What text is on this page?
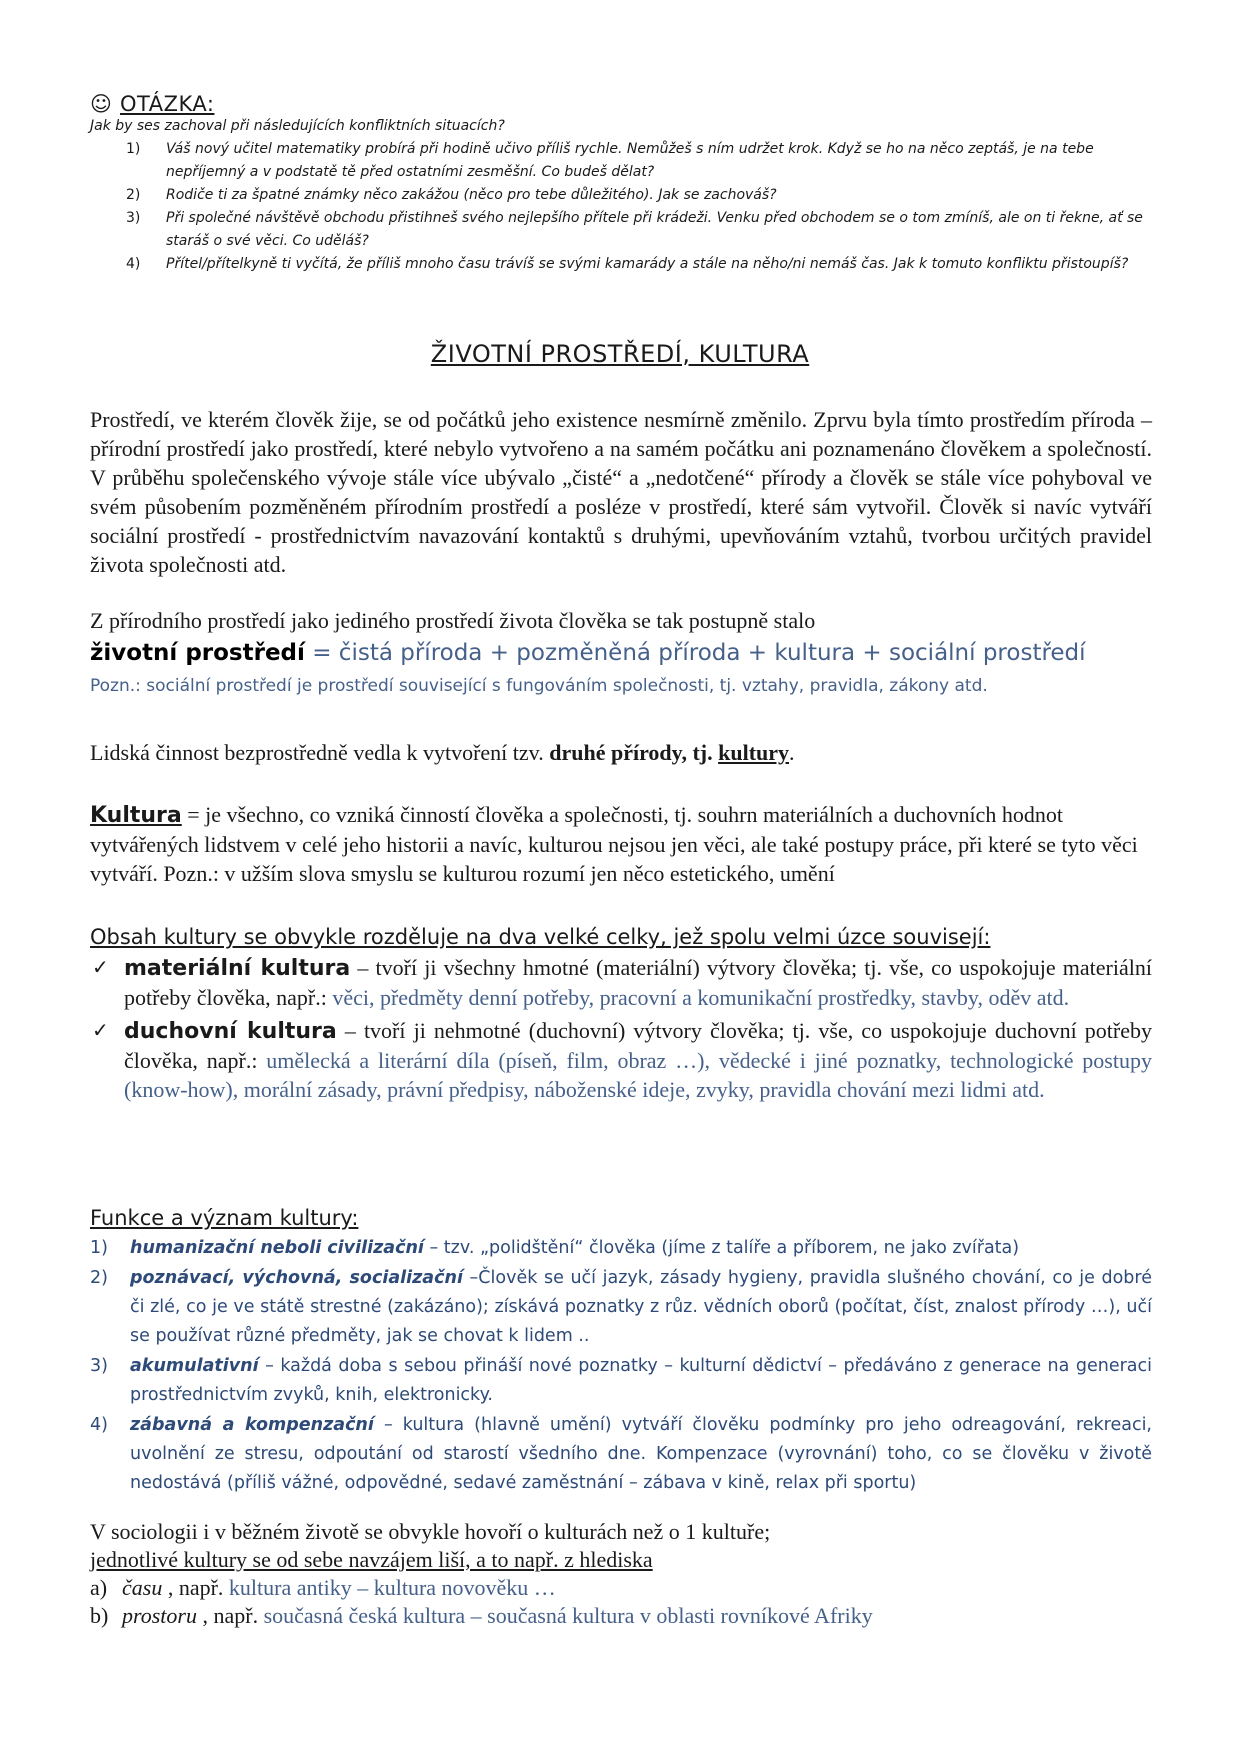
☺ OTÁZKA:
Jak by ses zachoval při následujících konfliktních situacích?
1) Váš nový učitel matematiky probírá při hodině učivo příliš rychle. Nemůžeš s ním udržet krok. Když se ho na něco zeptáš, je na tebe nepříjemný a v podstatě tě před ostatními zesměšní. Co budeš dělat?
2) Rodiče ti za špatné známky něco zakážou (něco pro tebe důležitého). Jak se zachováš?
3) Při společné návštěvě obchodu přistihneš svého nejlepšího přítele při krádeži. Venku před obchodem se o tom zmíníš, ale on ti řekne, ať se staráš o své věci. Co uděláš?
4) Přítel/přítelkyně ti vyčítá, že příliš mnoho času trávíš se svými kamarády a stále na něho/ni nemáš čas. Jak k tomuto konfliktu přistoupíš?
ŽIVOTNÍ PROSTŘEDÍ, KULTURA
Prostředí, ve kterém člověk žije, se od počátků jeho existence nesmírně změnilo. Zprvu byla tímto prostředím příroda – přírodní prostředí jako prostředí, které nebylo vytvořeno a na samém počátku ani poznamenáno člověkem a společností. V průběhu společenského vývoje stále více ubývalo „čisté“ a „nedotčené“ přírody a člověk se stále více pohyboval ve svém působením pozměněném přírodním prostředí a posléze v prostředí, které sám vytvořil. Člověk si navíc vytváří sociální prostředí - prostřednictvím navazování kontaktů s druhými, upevňováním vztahů, tvorbou určitých pravidel života společnosti atd.
Z přírodního prostředí jako jediného prostředí života člověka se tak postupně stalo
životní prostředí = čistá příroda + pozměněná příroda + kultura + sociální prostředí
Pozn.: sociální prostředí je prostředí související s fungováním společnosti, tj. vztahy, pravidla, zákony atd.
Lidská činnost bezprostředně vedla k vytvoření tzv. druhé přírody, tj. kultury.
Kultura = je všechno, co vzniká činností člověka a společnosti, tj. souhrn materiálních a duchovních hodnot vytvářených lidstvem v celé jeho historii a navíc, kulturou nejsou jen věci, ale také postupy práce, při které se tyto věci vytváří. Pozn.: v užším slova smyslu se kulturou rozumí jen něco estetického, umění
Obsah kultury se obvykle rozděluje na dva velké celky, jež spolu velmi úzce souvisejí:
✓ materiální kultura – tvoří ji všechny hmotné (materiální) výtvory člověka; tj. vše, co uspokojuje materiální potřeby člověka, např.: věci, předměty denní potřeby, pracovní a komunikační prostředky, stavby, oděv atd.
✓ duchovní kultura – tvoří ji nehmotné (duchovní) výtvory člověka; tj. vše, co uspokojuje duchovní potřeby člověka, např.: umělecká a literární díla (píseň, film, obraz …), vědecké i jiné poznatky, technologické postupy (know-how), morální zásady, právní předpisy, náboženské ideje, zvyky, pravidla chování mezi lidmi atd.
Funkce a význam kultury:
1) humanizační neboli civilizační – tzv. „polidštění“ člověka (jíme z talíře a příborem, ne jako zvířata)
2) poznávací, výchovná, socializační –Člověk se učí jazyk, zásady hygieny, pravidla slušného chování, co je dobré či zlé, co je ve státě strestné (zakázáno); získává poznatky z růz. vědních oborů (počítat, číst, znalost přírody …), učí se používat různé předměty, jak se chovat k lidem ..
3) akumulativní – každá doba s sebou přináší nové poznatky – kulturní dědictví – předáváno z generace na generaci prostřednictvím zvyků, knih, elektronicky.
4) zábavná a kompenzační – kultura (hlavně umění) vytváří člověku podmínky pro jeho odreagování, rekreaci, uvolnění ze stresu, odpoutání od starostí všedního dne. Kompenzace (vyrovnání) toho, co se člověku v životě nedostává (příliš vážné, odpovědné, sedavé zaměstnání – zábava v kině, relax při sportu)
V sociologii i v běžném životě se obvykle hovoří o kulturách než o 1 kultuře;
jednotlivé kultury se od sebe navzájem liší, a to např. z hlediska
a) času , např. kultura antiky – kultura novověku …
b) prostoru , např. současná česká kultura – současná kultura v oblasti rovníkové Afriky
